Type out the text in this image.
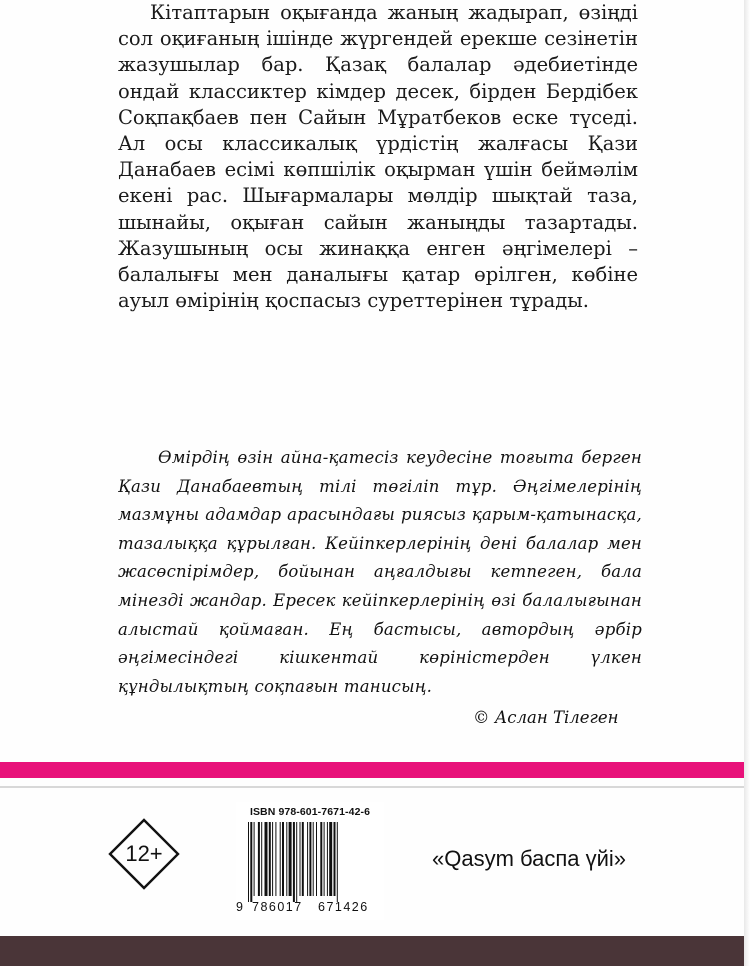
Кітаптарын оқығанда жаның жадырап, өзіңді сол оқиғаның ішінде жүргендей ерекше сезінетін жазушылар бар. Қазақ балалар әдебиетінде ондай классиктер кімдер десек, бірден Бердібек Соқпақбаев пен Сайын Мұратбеков еске түседі. Ал осы классикалық үрдістің жалғасы Қази Данабаев есімі көпшілік оқырман үшін беймәлім екені рас. Шығармалары мөлдір шықтай таза, шынайы, оқыған сайын жаныңды тазартады. Жазушының осы жинаққа енген әңгімелері – балалығы мен даналығы қатар өрілген, көбіне ауыл өмірінің қоспасыз суреттерінен тұрады.

Өмірдің өзін айна-қатесіз кеудесіне тоғыта берген Қази Данабаевтың тілі төгіліп тұр. Әңгімелерінің мазмұны адамдар арасындағы риясыз қарым-қатынасқа, тазалыққа құрылған. Кейіпкерлерінің дені балалар мен жасөспірімдер, бойынан аңғалдығы кетпеген, бала мінезді жандар. Ересек кейіпкерлерінің өзі балалығынан алыстай қоймаған. Ең бастысы, автордың әрбір әңгімесіндегі кішкентай көріністерден үлкен құндылықтың соқпағын танисың.

© Аслан Тілеген
12+
ISBN 978-601-7671-42-6
9 786017 671426
«Qasym баспа үйі»
